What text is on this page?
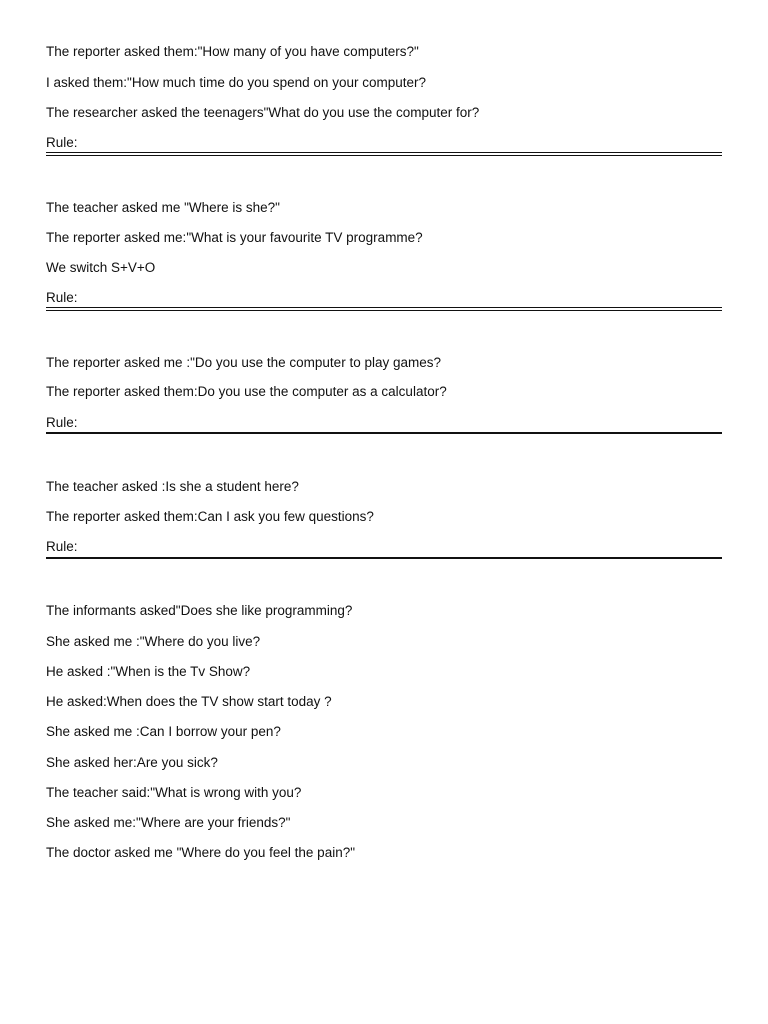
The reporter asked them:"How many of you have computers?"
I asked them:"How much time do you spend on your computer?
The researcher asked the teenagers"What do you use the computer for?
Rule:
The teacher asked me "Where is she?"
The reporter asked me:"What is your favourite TV programme?
We switch S+V+O
Rule:
The reporter asked me :"Do you use the computer to play games?
The reporter asked them:Do you use the computer as a calculator?
Rule:
The teacher asked :Is she a student here?
The reporter asked them:Can I ask you few questions?
Rule:
The informants asked"Does she like programming?
She asked me :"Where do you live?
He asked :"When is the Tv Show?
He asked:When does the TV show start today ?
She asked me :Can I borrow your pen?
She asked her:Are you sick?
The teacher said:"What is wrong with you?
She asked me:"Where are your friends?"
The doctor asked me "Where do you feel the pain?"
